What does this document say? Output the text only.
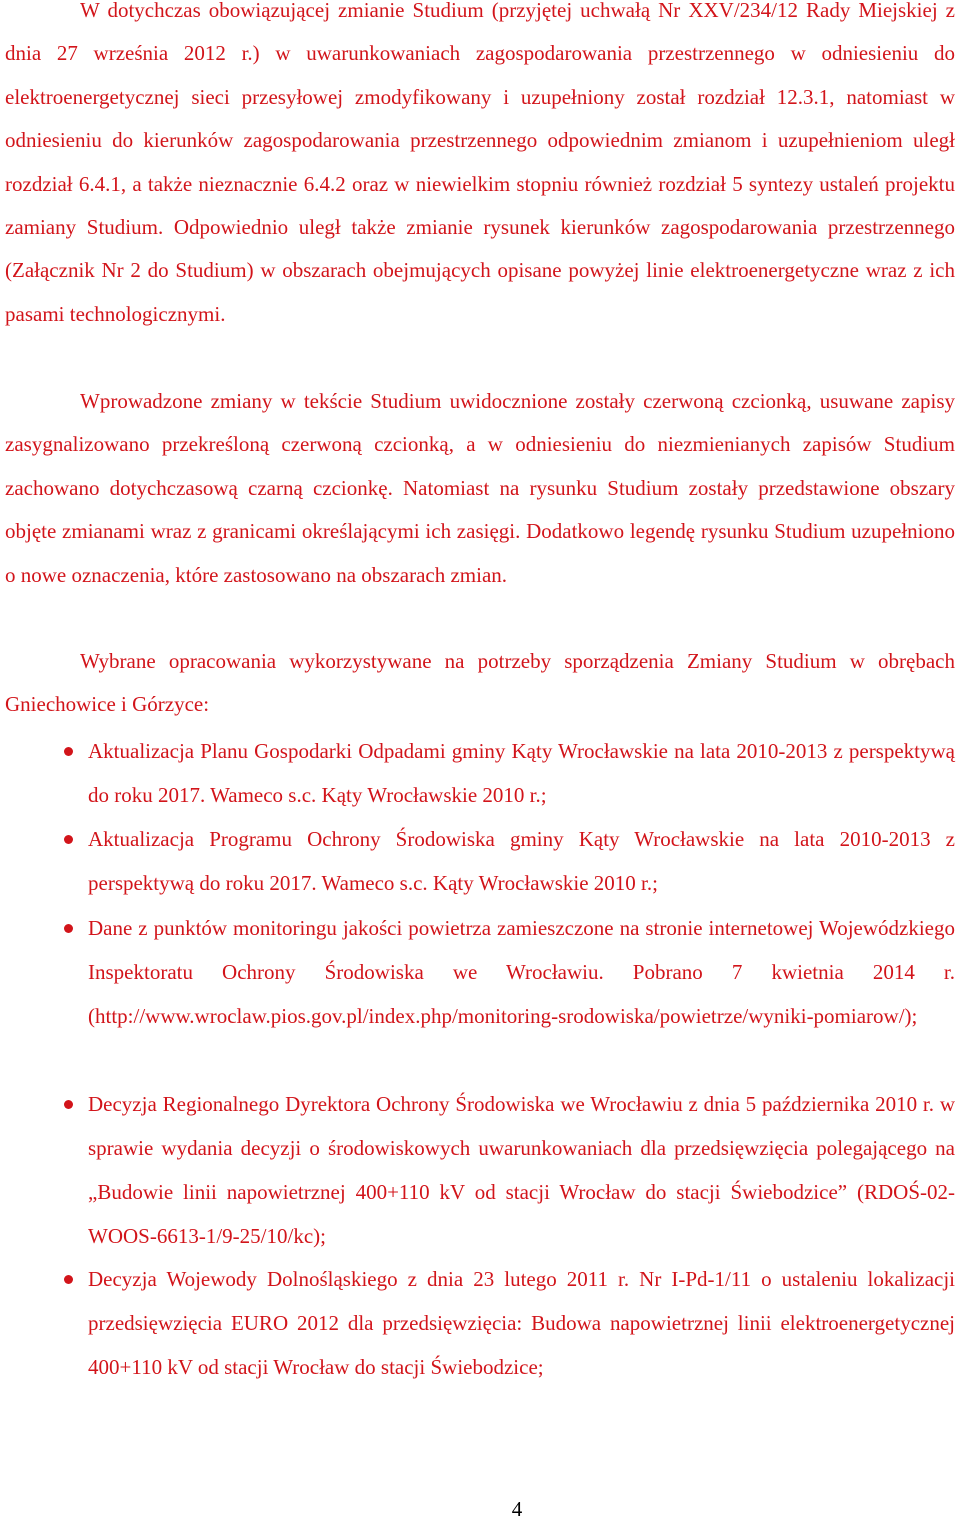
W dotychczas obowiązującej zmianie Studium (przyjętej uchwałą Nr XXV/234/12 Rady Miejskiej z dnia 27 września 2012 r.) w uwarunkowaniach zagospodarowania przestrzennego w odniesieniu do elektroenergetycznej sieci przesyłowej zmodyfikowany i uzupełniony został rozdział 12.3.1, natomiast w odniesieniu do kierunków zagospodarowania przestrzennego odpowiednim zmianom i uzupełnieniom uległ rozdział 6.4.1, a także nieznacznie 6.4.2 oraz w niewielkim stopniu również rozdział 5 syntezy ustaleń projektu zamiany Studium. Odpowiednio uległ także zmianie rysunek kierunków zagospodarowania przestrzennego (Załącznik Nr 2 do Studium) w obszarach obejmujących opisane powyżej linie elektroenergetyczne wraz z ich pasami technologicznymi.

Wprowadzone zmiany w tekście Studium uwidocznione zostały czerwoną czcionką, usuwane zapisy zasygnalizowano przekreśloną czerwoną czcionką, a w odniesieniu do niezmienianych zapisów Studium zachowano dotychczasową czarną czcionkę. Natomiast na rysunku Studium zostały przedstawione obszary objęte zmianami wraz z granicami określającymi ich zasięgi. Dodatkowo legendę rysunku Studium uzupełniono o nowe oznaczenia, które zastosowano na obszarach zmian.

Wybrane opracowania wykorzystywane na potrzeby sporządzenia Zmiany Studium w obrębach Gniechowice i Górzyce:

Aktualizacja Planu Gospodarki Odpadami gminy Kąty Wrocławskie na lata 2010-2013 z perspektywą do roku 2017. Wameco s.c. Kąty Wrocławskie 2010 r.;
Aktualizacja Programu Ochrony Środowiska gminy Kąty Wrocławskie na lata 2010-2013 z perspektywą do roku 2017. Wameco s.c. Kąty Wrocławskie 2010 r.;
Dane z punktów monitoringu jakości powietrza zamieszczone na stronie internetowej Wojewódzkiego Inspektoratu Ochrony Środowiska we Wrocławiu. Pobrano 7 kwietnia 2014 r. (http://www.wroclaw.pios.gov.pl/index.php/monitoring-srodowiska/powietrze/wyniki-pomiarow/);
Decyzja Regionalnego Dyrektora Ochrony Środowiska we Wrocławiu z dnia 5 października 2010 r. w sprawie wydania decyzji o środowiskowych uwarunkowaniach dla przedsięwzięcia polegającego na „Budowie linii napowietrznej 400+110 kV od stacji Wrocław do stacji Świebodzice” (RDOŚ-02-WOOS-6613-1/9-25/10/kc);
Decyzja Wojewody Dolnośląskiego z dnia 23 lutego 2011 r. Nr I-Pd-1/11 o ustaleniu lokalizacji przedsięwzięcia EURO 2012 dla przedsięwzięcia: Budowa napowietrznej linii elektroenergetycznej 400+110 kV od stacji Wrocław do stacji Świebodzice;
4
